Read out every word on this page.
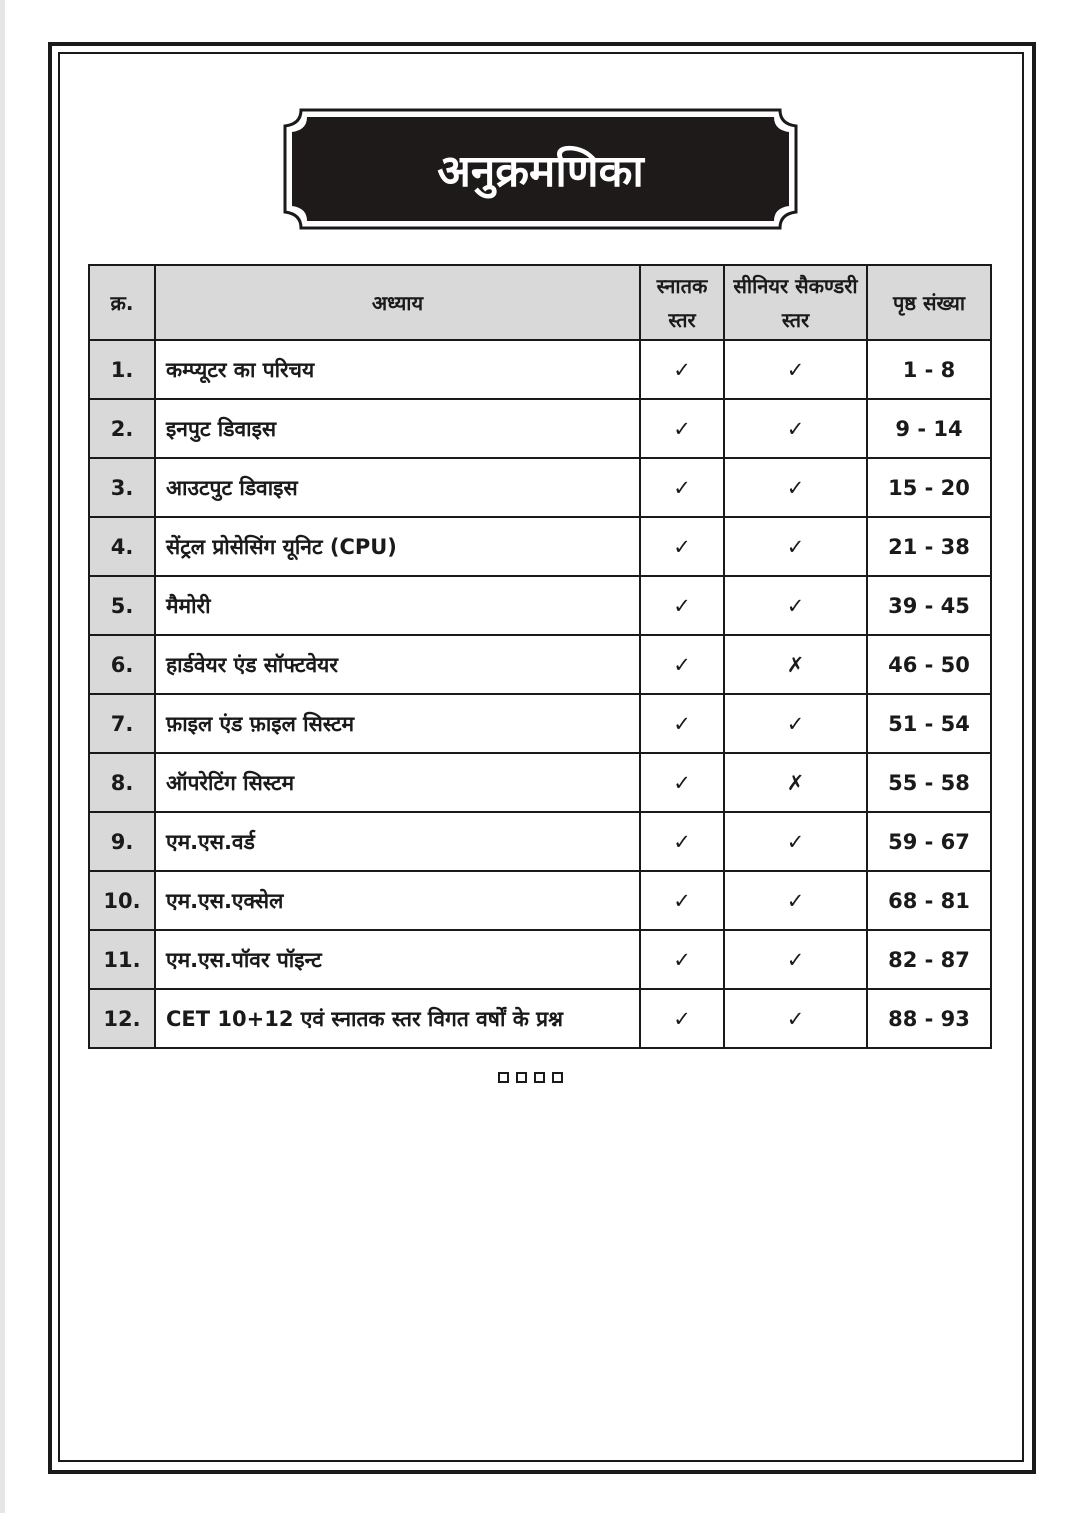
अनुक्रमणिका
क्र.	अध्याय	स्नातक स्तर	सीनियर सैकण्डरी स्तर	पृष्ठ संख्या
1.	कम्प्यूटर का परिचय	✓	✓	1 - 8
2.	इनपुट डिवाइस	✓	✓	9 - 14
3.	आउटपुट डिवाइस	✓	✓	15 - 20
4.	सेंट्रल प्रोसेसिंग यूनिट (CPU)	✓	✓	21 - 38
5.	मैमोरी	✓	✓	39 - 45
6.	हार्डवेयर एंड सॉफ्टवेयर	✓	✗	46 - 50
7.	फ़ाइल एंड फ़ाइल सिस्टम	✓	✓	51 - 54
8.	ऑपरेटिंग सिस्टम	✓	✗	55 - 58
9.	एम.एस.वर्ड	✓	✓	59 - 67
10.	एम.एस.एक्सेल	✓	✓	68 - 81
11.	एम.एस.पॉवर पॉइन्ट	✓	✓	82 - 87
12.	CET 10+12 एवं स्नातक स्तर विगत वर्षों के प्रश्न	✓	✓	88 - 93
